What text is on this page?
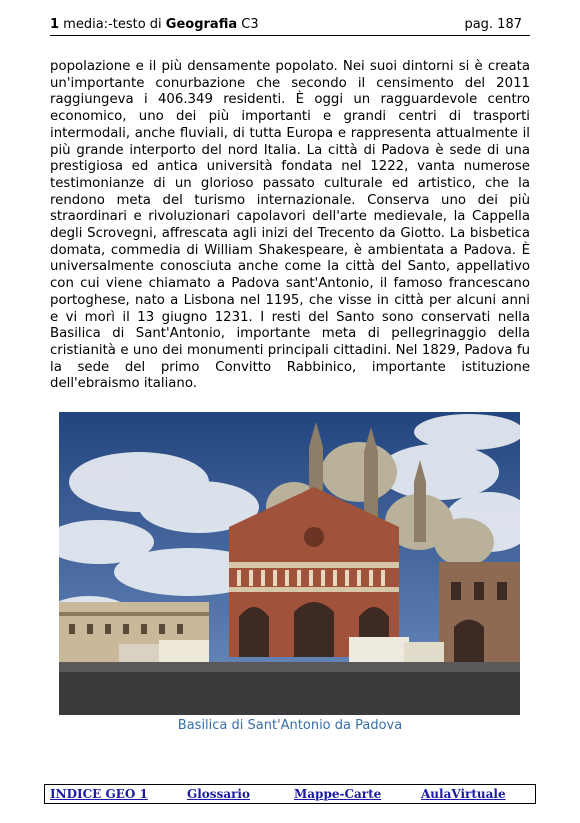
1 media:-testo di Geografia C3	pag. 187
popolazione e il più densamente popolato. Nei suoi dintorni si è creata un'importante conurbazione che secondo il censimento del 2011 raggiungeva i 406.349 residenti. È oggi un ragguardevole centro economico, uno dei più importanti e grandi centri di trasporti intermodali, anche fluviali, di tutta Europa e rappresenta attualmente il più grande interporto del nord Italia. La città di Padova è sede di una prestigiosa ed antica università fondata nel 1222, vanta numerose testimonianze di un glorioso passato culturale ed artistico, che la rendono meta del turismo internazionale. Conserva uno dei più straordinari e rivoluzionari capolavori dell'arte medievale, la Cappella degli Scrovegni, affrescata agli inizi del Trecento da Giotto. La bisbetica domata, commedia di William Shakespeare, è ambientata a Padova. È universalmente conosciuta anche come la città del Santo, appellativo con cui viene chiamato a Padova sant'Antonio, il famoso francescano portoghese, nato a Lisbona nel 1195, che visse in città per alcuni anni e vi morì il 13 giugno 1231. I resti del Santo sono conservati nella Basilica di Sant'Antonio, importante meta di pellegrinaggio della cristianità e uno dei monumenti principali cittadini. Nel 1829, Padova fu la sede del primo Convitto Rabbinico, importante istituzione dell'ebraismo italiano.
Basilica di Sant'Antonio da Padova
INDICE GEO 1	Glossario	Mappe-Carte	AulaVirtuale
